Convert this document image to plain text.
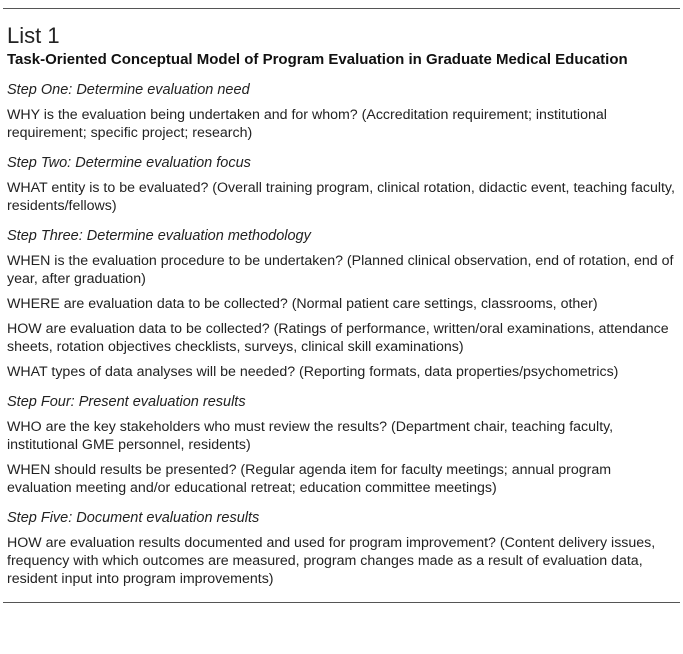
List 1

Task-Oriented Conceptual Model of Program Evaluation in Graduate Medical Education

Step One: Determine evaluation need

WHY is the evaluation being undertaken and for whom? (Accreditation requirement; institutional requirement; specific project; research)

Step Two: Determine evaluation focus

WHAT entity is to be evaluated? (Overall training program, clinical rotation, didactic event, teaching faculty, residents/fellows)

Step Three: Determine evaluation methodology

WHEN is the evaluation procedure to be undertaken? (Planned clinical observation, end of rotation, end of year, after graduation)

WHERE are evaluation data to be collected? (Normal patient care settings, classrooms, other)

HOW are evaluation data to be collected? (Ratings of performance, written/oral examinations, attendance sheets, rotation objectives checklists, surveys, clinical skill examinations)

WHAT types of data analyses will be needed? (Reporting formats, data properties/psychometrics)

Step Four: Present evaluation results

WHO are the key stakeholders who must review the results? (Department chair, teaching faculty, institutional GME personnel, residents)

WHEN should results be presented? (Regular agenda item for faculty meetings; annual program evaluation meeting and/or educational retreat; education committee meetings)

Step Five: Document evaluation results

HOW are evaluation results documented and used for program improvement? (Content delivery issues, frequency with which outcomes are measured, program changes made as a result of evaluation data, resident input into program improvements)
